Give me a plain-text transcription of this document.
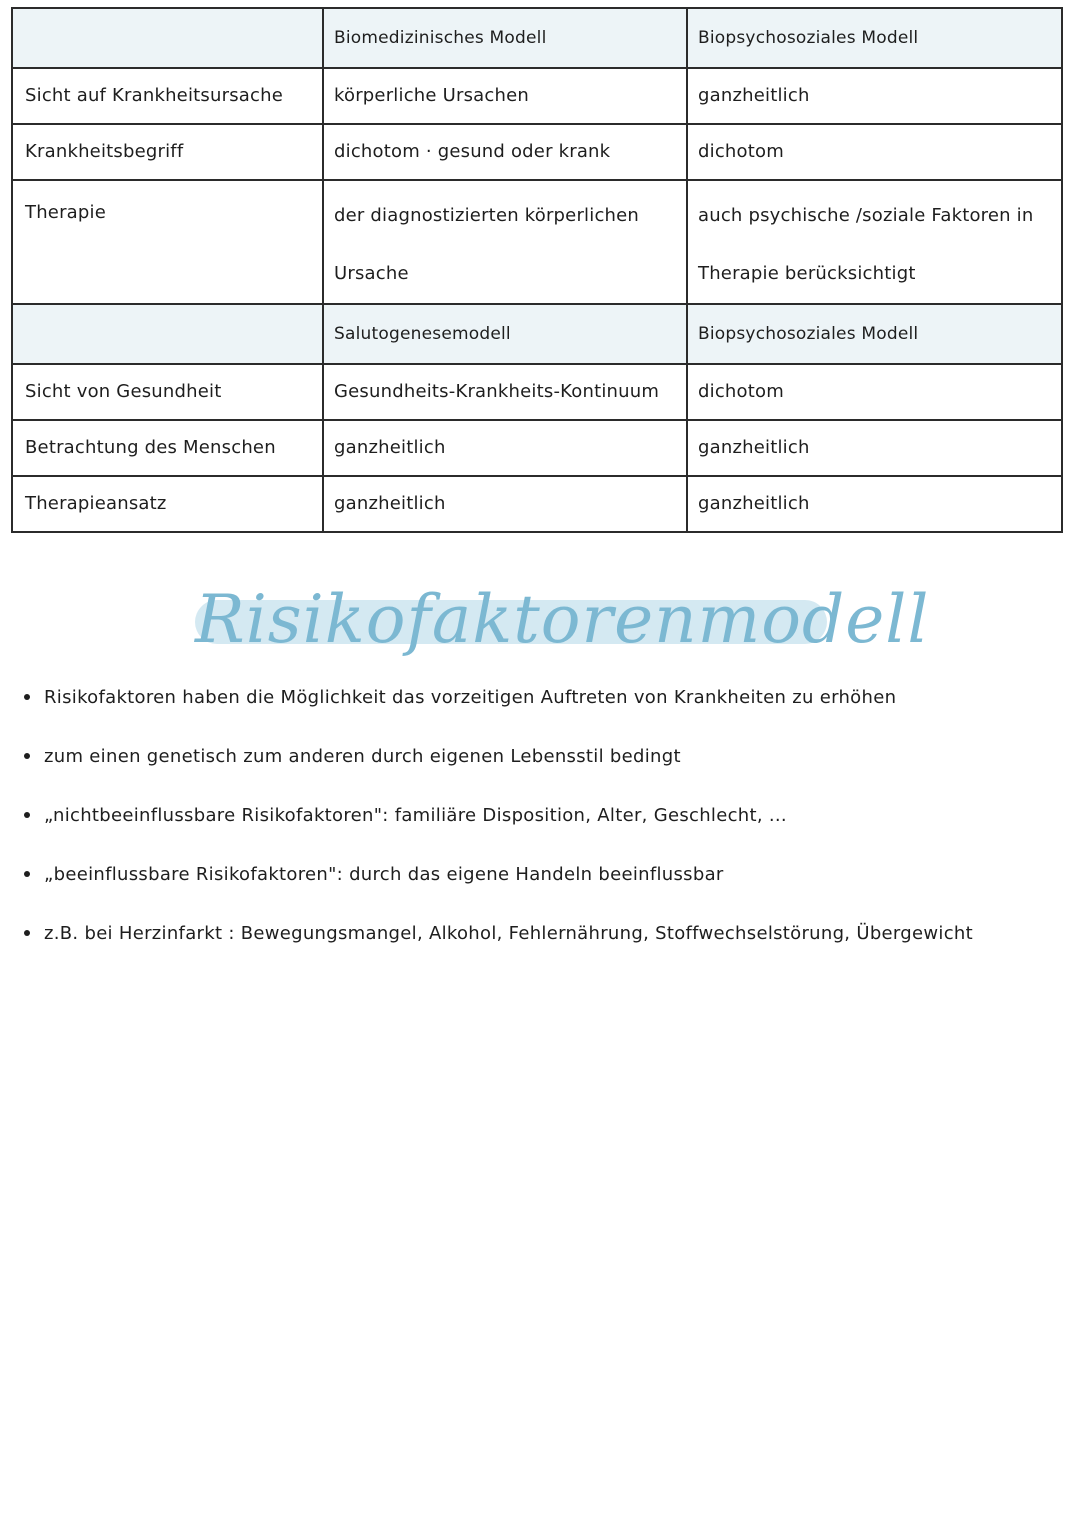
	Biomedizinisches Modell	Biopsychosoziales Modell
Sicht auf Krankheitsursache	körperliche Ursachen	ganzheitlich
Krankheitsbegriff	dichotom · gesund oder krank	dichotom
Therapie	der diagnostizierten körperlichen Ursache	auch psychische /soziale Faktoren in Therapie berücksichtigt

	Salutogenesemodell	Biopsychosoziales Modell
Sicht von Gesundheit	Gesundheits-Krankheits-Kontinuum	dichotom
Betrachtung des Menschen	ganzheitlich	ganzheitlich
Therapieansatz	ganzheitlich	ganzheitlich
Risikofaktorenmodell
Risikofaktoren haben die Möglichkeit das vorzeitigen Auftreten von Krankheiten zu erhöhen
zum einen genetisch zum anderen durch eigenen Lebensstil bedingt
„nichtbeeinflussbare Risikofaktoren": familiäre Disposition, Alter, Geschlecht, ...
„beeinflussbare Risikofaktoren": durch das eigene Handeln beeinflussbar
z.B. bei Herzinfarkt : Bewegungsmangel, Alkohol, Fehlernährung, Stoffwechselstörung, Übergewicht
